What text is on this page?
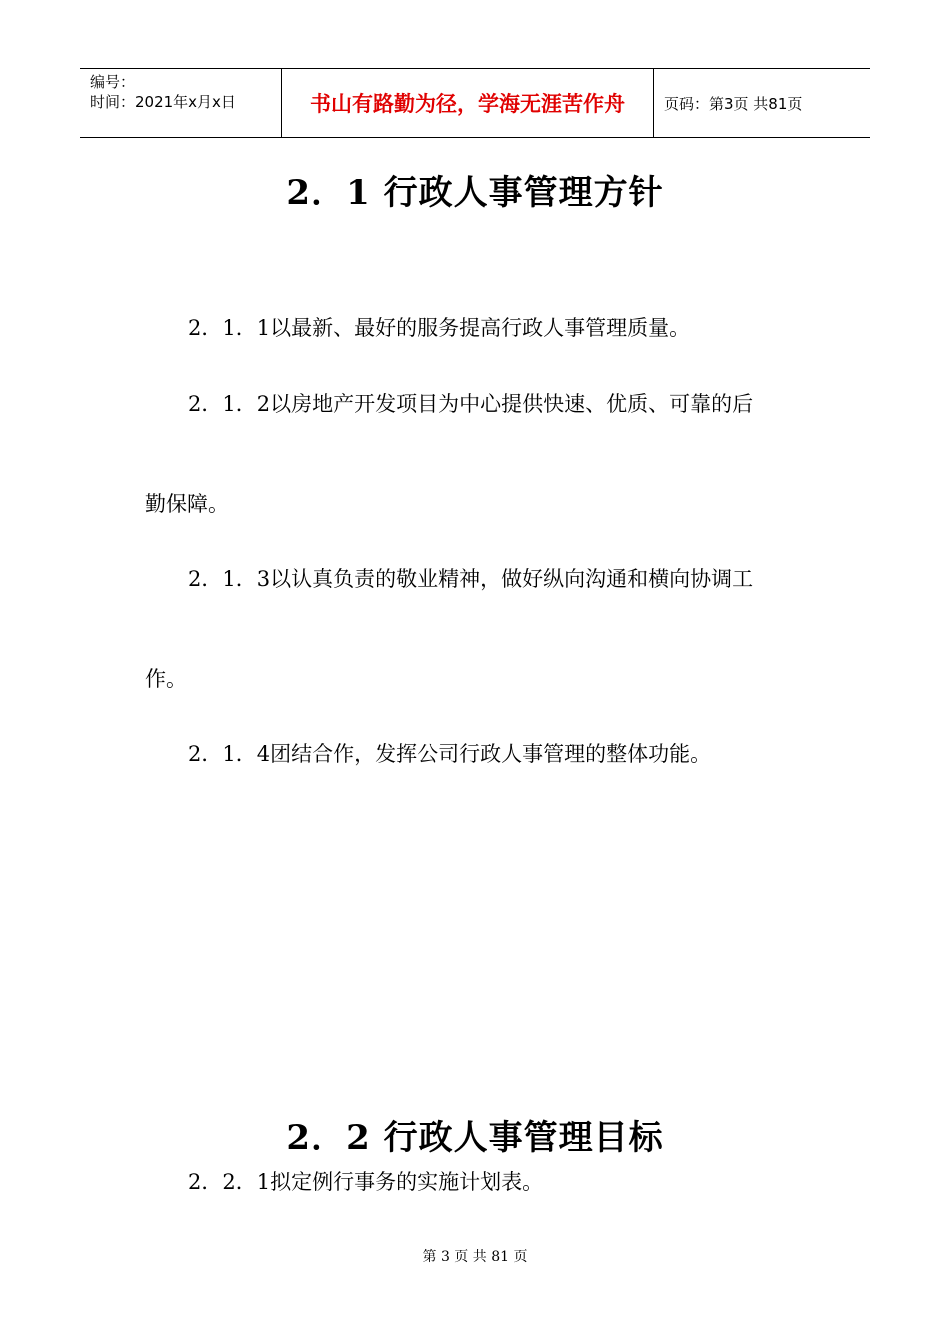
编号：
时间：2021年x月x日	书山有路勤为径，学海无涯苦作舟	页码：第3页 共81页
2．1 行政人事管理方针

2．1．1以最新、最好的服务提高行政人事管理质量。

2．1．2以房地产开发项目为中心提供快速、优质、可靠的后

勤保障。

2．1．3以认真负责的敬业精神，做好纵向沟通和横向协调工

作。

2．1．4团结合作，发挥公司行政人事管理的整体功能。

2．2 行政人事管理目标

2．2．1拟定例行事务的实施计划表。

第 3 页 共 81 页
